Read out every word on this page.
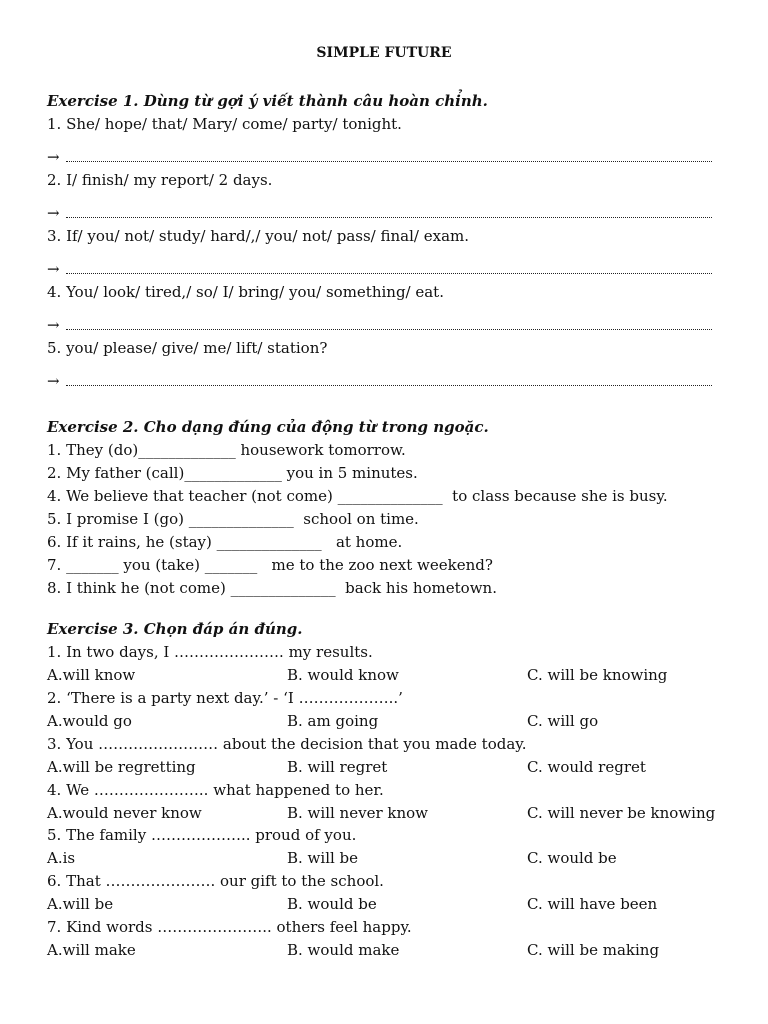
SIMPLE FUTURE
Exercise 1. Dùng từ gợi ý viết thành câu hoàn chỉnh.
1. She/ hope/ that/ Mary/ come/ party/ tonight.
→
2. I/ finish/ my report/ 2 days.
→
3. If/ you/ not/ study/ hard/,/ you/ not/ pass/ final/ exam.
→
4. You/ look/ tired,/ so/ I/ bring/ you/ something/ eat.
→
5. you/ please/ give/ me/ lift/ station?
→
Exercise 2. Cho dạng đúng của động từ trong ngoặc.
1. They (do)_____________ housework tomorrow.
2. My father (call)_____________ you in 5 minutes.
4. We believe that teacher (not come) ______________  to class because she is busy.
5. I promise I (go) ______________  school on time.
6. If it rains, he (stay) ______________   at home.
7. _______ you (take) _______   me to the zoo next weekend?
8. I think he (not come) ______________  back his hometown.
Exercise 3. Chọn đáp án đúng.
1. In two days, I …………………. my results.
A.will know	B. would know	C. will be knowing
2. ‘There is a party next day.’ - ‘I ………………..’
A.would go	B. am going	C. will go
3. You …………………… about the decision that you made today.
A.will be regretting	B. will regret	C. would regret
4. We ………………….. what happened to her.
A.would never know	B. will never know	C. will never be knowing
5. The family ……………….. proud of you.
A.is	B. will be	C. would be
6. That …………………. our gift to the school.
A.will be	B. would be	C. will have been
7. Kind words ………………….. others feel happy.
A.will make	B. would make	C. will be making
